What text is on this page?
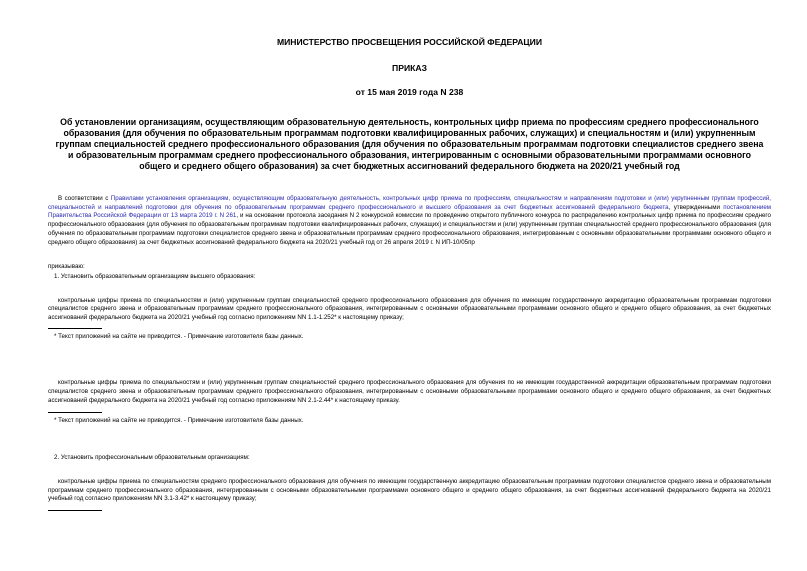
МИНИСТЕРСТВО ПРОСВЕЩЕНИЯ РОССИЙСКОЙ ФЕДЕРАЦИИ
ПРИКАЗ
от 15 мая 2019 года N 238
Об установлении организациям, осуществляющим образовательную деятельность, контрольных цифр приема по профессиям среднего профессионального образования (для обучения по образовательным программам подготовки квалифицированных рабочих, служащих) и специальностям и (или) укрупненным группам специальностей среднего профессионального образования (для обучения по образовательным программам подготовки специалистов среднего звена и образовательным программам среднего профессионального образования, интегрированным с основными образовательными программами основного общего и среднего общего образования) за счет бюджетных ассигнований федерального бюджета на 2020/21 учебный год

В соответствии с Правилами установления организациям, осуществляющим образовательную деятельность, контрольных цифр приема по профессиям, специальностям и направлениям подготовки и (или) укрупненным группам профессий, специальностей и направлений подготовки для обучения по образовательным программам среднего профессионального и высшего образования за счет бюджетных ассигнований федерального бюджета, утвержденными постановлением Правительства Российской Федерации от 13 марта 2019 г. N 261, и на основании протокола заседания N 2 конкурсной комиссии по проведению открытого публичного конкурса по распределению контрольных цифр приема по профессиям среднего профессионального образования (для обучения по образовательным программам подготовки квалифицированных рабочих, служащих) и специальностям и (или) укрупненным группам специальностей среднего профессионального образования (для обучения по образовательным программам подготовки специалистов среднего звена и образовательным программам среднего профессионального образования, интегрированным с основными образовательными программами основного общего и среднего общего образования) за счет бюджетных ассигнований федерального бюджета на 2020/21 учебный год от 26 апреля 2019 г. N ИП-10/05пр

приказываю:

1. Установить образовательным организациям высшего образования:

контрольные цифры приема по специальностям и (или) укрупненным группам специальностей среднего профессионального образования для обучения по имеющим государственную аккредитацию образовательным программам подготовки специалистов среднего звена и образовательным программам среднего профессионального образования, интегрированным с основными образовательными программами основного общего и среднего общего образования, за счет бюджетных ассигнований федерального бюджета на 2020/21 учебный год согласно приложениям NN 1.1-1.252* к настоящему приказу;

* Текст приложений на сайте не приводится. - Примечание изготовителя базы данных.

контрольные цифры приема по специальностям и (или) укрупненным группам специальностей среднего профессионального образования для обучения по не имеющим государственной аккредитации образовательным программам подготовки специалистов среднего звена и образовательным программам среднего профессионального образования, интегрированным с основными образовательными программами основного общего и среднего общего образования, за счет бюджетных ассигнований федерального бюджета на 2020/21 учебный год согласно приложениям NN 2.1-2.44* к настоящему приказу.

* Текст приложений на сайте не приводится. - Примечание изготовителя базы данных.

2. Установить профессиональным образовательным организациям:

контрольные цифры приема по специальностям среднего профессионального образования для обучения по имеющим государственную аккредитацию образовательным программам подготовки специалистов среднего звена и образовательным программам среднего профессионального образования, интегрированным с основными образовательными программами основного общего и среднего общего образования, за счет бюджетных ассигнований федерального бюджета на 2020/21 учебный год согласно приложениям NN 3.1-3.42* к настоящему приказу;
